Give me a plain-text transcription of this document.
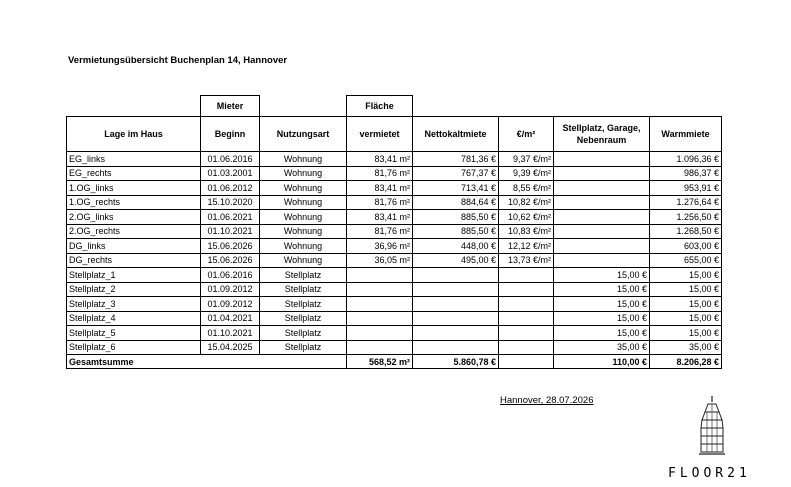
Vermietungsübersicht Buchenplan 14, Hannover
	Mieter		Fläche				
Lage im Haus	Beginn	Nutzungsart	vermietet	Nettokaltmiete	€/m²	Stellplatz, Garage, Nebenraum	Warmmiete
EG_links	01.06.2016	Wohnung	83,41 m²	781,36 €	9,37 €/m²		1.096,36 €
EG_rechts	01.03.2001	Wohnung	81,76 m²	767,37 €	9,39 €/m²		986,37 €
1.OG_links	01.06.2012	Wohnung	83,41 m²	713,41 €	8,55 €/m²		953,91 €
1.OG_rechts	15.10.2020	Wohnung	81,76 m²	884,64 €	10,82 €/m²		1.276,64 €
2.OG_links	01.06.2021	Wohnung	83,41 m²	885,50 €	10,62 €/m²		1.256,50 €
2.OG_rechts	01.10.2021	Wohnung	81,76 m²	885,50 €	10,83 €/m²		1.268,50 €
DG_links	15.06.2026	Wohnung	36,96 m²	448,00 €	12,12 €/m²		603,00 €
DG_rechts	15.06.2026	Wohnung	36,05 m²	495,00 €	13,73 €/m²		655,00 €
Stellplatz_1	01.06.2016	Stellplatz				15,00 €	15,00 €
Stellplatz_2	01.09.2012	Stellplatz				15,00 €	15,00 €
Stellplatz_3	01.09.2012	Stellplatz				15,00 €	15,00 €
Stellplatz_4	01.04.2021	Stellplatz				15,00 €	15,00 €
Stellplatz_5	01.10.2021	Stellplatz				15,00 €	15,00 €
Stellplatz_6	15.04.2025	Stellplatz				35,00 €	35,00 €
Gesamtsumme			568,52 m²	5.860,78 €		110,00 €	8.206,28 €
Hannover, 28.07.2026
FLOOR21
